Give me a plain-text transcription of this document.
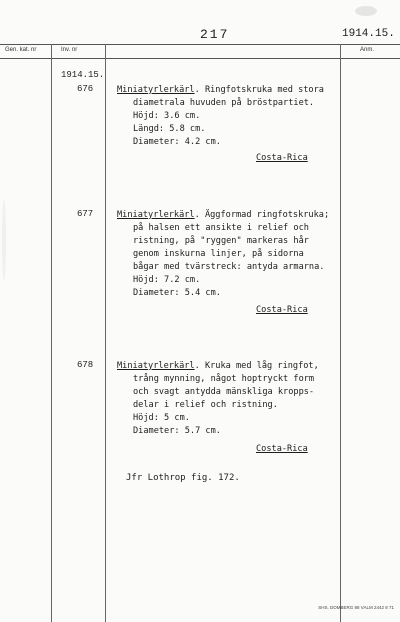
217	1914.15.
Gen. kat. nr	Inv. nr	Anm.
1914.15.
676	Miniatyrlerkärl. Ringfotskruka med stora
diametrala huvuden på bröstpartiet.
Höjd: 3.6 cm.
Längd: 5.8 cm.
Diameter: 4.2 cm.
Costa-Rica
677	Miniatyrlerkärl. Äggformad ringfotskruka;
på halsen ett ansikte i relief och
ristning, på "ryggen" markeras hår
genom inskurna linjer, på sidorna
bågar med tvärstreck: antyda armarna.
Höjd: 7.2 cm.
Diameter: 5.4 cm.
Costa-Rica
678	Miniatyrlerkärl. Kruka med låg ringfot,
trång mynning, något hoptryckt form
och svagt antydda mänskliga kropps-
delar i relief och ristning.
Höjd: 5 cm.
Diameter: 5.7 cm.
Costa-Rica
Jfr Lothrop fig. 172.
SHS. DOMBERG 88 VALM 2442 8 71
